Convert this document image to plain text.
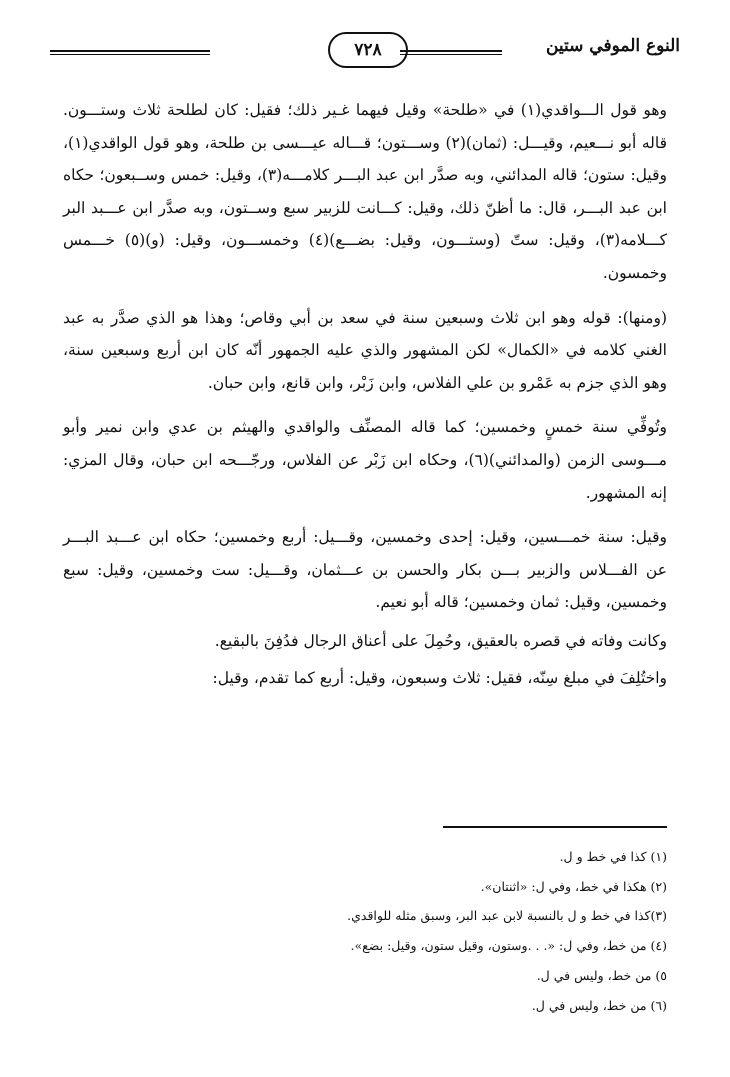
النوع الموفي ستين
٧٢٨

وهو قول الـــواقدي(١) في «طلحة» وقيل فيهما غـير ذلك؛ فقيل: كان لطلحة ثلاث وستـــون. قاله أبو نـــعيم، وقيـــل: (ثمان)(٢) وســـتون؛ قـــاله عيـــسى بن طلحة، وهو قول الواقدي(١)، وقيل: ستون؛ قاله المدائني، وبه صدَّر ابن عبد البـــر كلامـــه(٣)، وقيل: خمس وســبعون؛ حكاه ابن عبد البـــر، قال: ما أظنّ ذلك، وقيل: كـــانت للزبير سبع وســتون، وبه صدَّر ابن عـــبد البر كـــلامه(٣)، وقيل: ستّ (وستـــون، وقيل: بضـــع)(٤) وخمســـون، وقيل: (و)(٥) خـــمس وخمسون.

(ومنها): قوله وهو ابن ثلاث وسبعين سنة في سعد بن أبي وقاص؛ وهذا هو الذي صدَّر به عبد الغني كلامه في «الكمال» لكن المشهور والذي عليه الجمهور أنّه كان ابن أربع وسبعين سنة، وهو الذي جزم به عَمْرو بن علي الفلاس، وابن زَبْر، وابن قانع، وابن حبان.

وتُوفِّي سنة خمسٍ وخمسين؛ كما قاله المصنِّف والواقدي والهيثم بن عدي وابن نمير وأبو مـــوسى الزمن (والمدائني)(٦)، وحكاه ابن زَبْر عن الفلاس، ورجّـــحه ابن حبان، وقال المزي: إنه المشهور.

وقيل: سنة خمـــسين، وقيل: إحدى وخمسين، وقـــيل: أربع وخمسين؛ حكاه ابن عـــبد البـــر عن الفـــلاس والزبير بـــن بكار والحسن بن عـــثمان، وقـــيل: ست وخمسين، وقيل: سبع وخمسين، وقيل: ثمان وخمسين؛ قاله أبو نعيم.

وكانت وفاته في قصره بالعقيق، وحُمِلَ على أعناق الرجال فدُفِنَ بالبقيع.

واختُلِفَ في مبلغ سِنّه، فقيل: ثلاث وسبعون، وقيل: أربع كما تقدم، وقيل:

(١) كذا في خط و ل.

(٢) هكذا في خط، وفي ل: «اثنتان».

(٣)كذا في خط و ل بالنسبة لابن عبد البر، وسبق مثله للواقدي.

(٤) من خط، وفي ل: «. . .وستون، وقيل ستون، وقيل: بضع».

٥) من خط، وليس في ل.

(٦) من خط، وليس في ل.
